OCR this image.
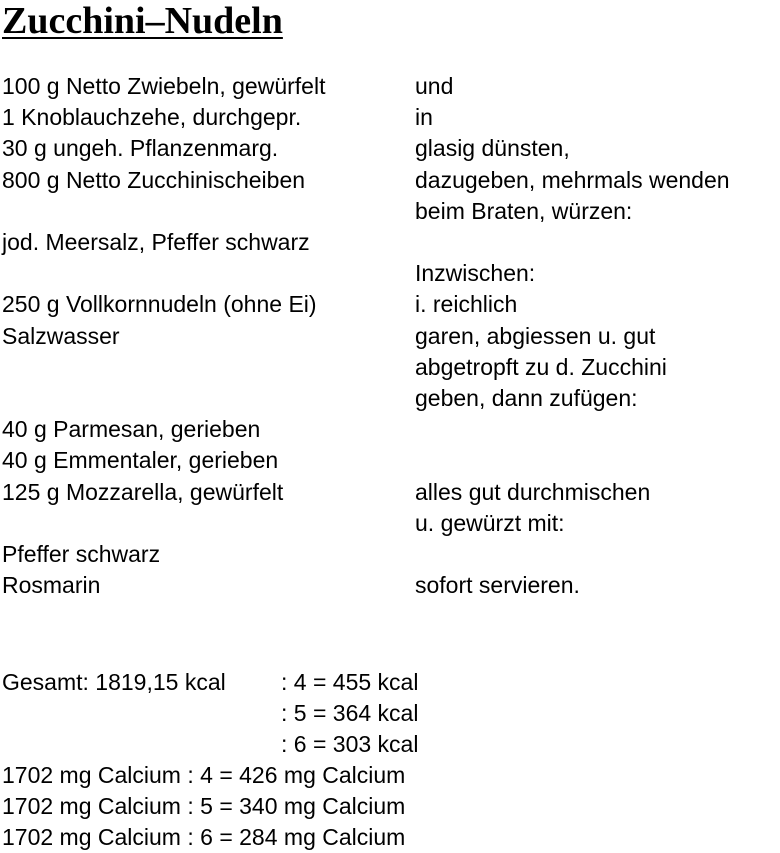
Zucchini–Nudeln
100 g Netto Zwiebeln, gewürfelt
1 Knoblauchzehe, durchgepr.
30 g ungeh. Pflanzenmarg.
800 g Netto Zucchinischeiben
jod. Meersalz, Pfeffer schwarz
250 g Vollkornnudeln (ohne Ei)
Salzwasser
40 g Parmesan, gerieben
40 g Emmentaler, gerieben
125 g Mozzarella, gewürfelt
Pfeffer schwarz
Rosmarin
und
in
glasig dünsten,
dazugeben, mehrmals wenden
beim Braten, würzen:
Inzwischen:
i. reichlich
garen, abgiessen u. gut
abgetropft zu d. Zucchini
geben, dann zufügen:
alles gut durchmischen
u. gewürzt mit:
sofort servieren.
Gesamt: 1819,15 kcal : 4 = 455 kcal
: 5 = 364 kcal
: 6 = 303 kcal
1702 mg Calcium : 4 = 426 mg Calcium
1702 mg Calcium : 5 = 340 mg Calcium
1702 mg Calcium : 6 = 284 mg Calcium
